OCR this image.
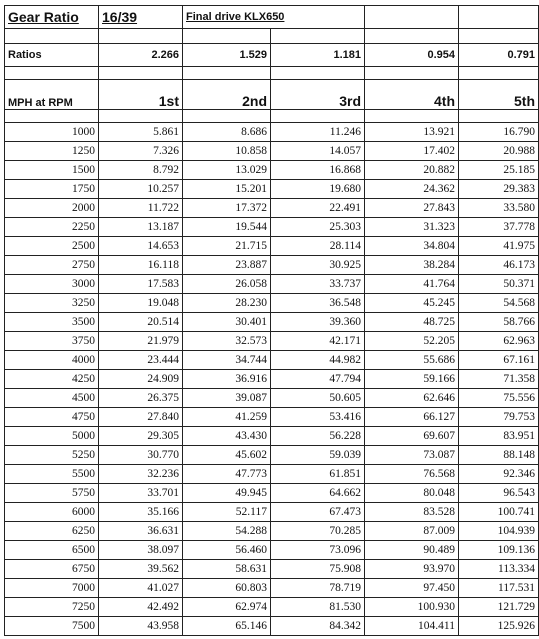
Gear Ratio	16/39	Final drive KLX650			

Ratios	2.266	1.529	1.181	0.954	0.791

MPH at RPM	1st	2nd	3rd	4th	5th

1000	5.861	8.686	11.246	13.921	16.790
1250	7.326	10.858	14.057	17.402	20.988
1500	8.792	13.029	16.868	20.882	25.185
1750	10.257	15.201	19.680	24.362	29.383
2000	11.722	17.372	22.491	27.843	33.580
2250	13.187	19.544	25.303	31.323	37.778
2500	14.653	21.715	28.114	34.804	41.975
2750	16.118	23.887	30.925	38.284	46.173
3000	17.583	26.058	33.737	41.764	50.371
3250	19.048	28.230	36.548	45.245	54.568
3500	20.514	30.401	39.360	48.725	58.766
3750	21.979	32.573	42.171	52.205	62.963
4000	23.444	34.744	44.982	55.686	67.161
4250	24.909	36.916	47.794	59.166	71.358
4500	26.375	39.087	50.605	62.646	75.556
4750	27.840	41.259	53.416	66.127	79.753
5000	29.305	43.430	56.228	69.607	83.951
5250	30.770	45.602	59.039	73.087	88.148
5500	32.236	47.773	61.851	76.568	92.346
5750	33.701	49.945	64.662	80.048	96.543
6000	35.166	52.117	67.473	83.528	100.741
6250	36.631	54.288	70.285	87.009	104.939
6500	38.097	56.460	73.096	90.489	109.136
6750	39.562	58.631	75.908	93.970	113.334
7000	41.027	60.803	78.719	97.450	117.531
7250	42.492	62.974	81.530	100.930	121.729
7500	43.958	65.146	84.342	104.411	125.926
